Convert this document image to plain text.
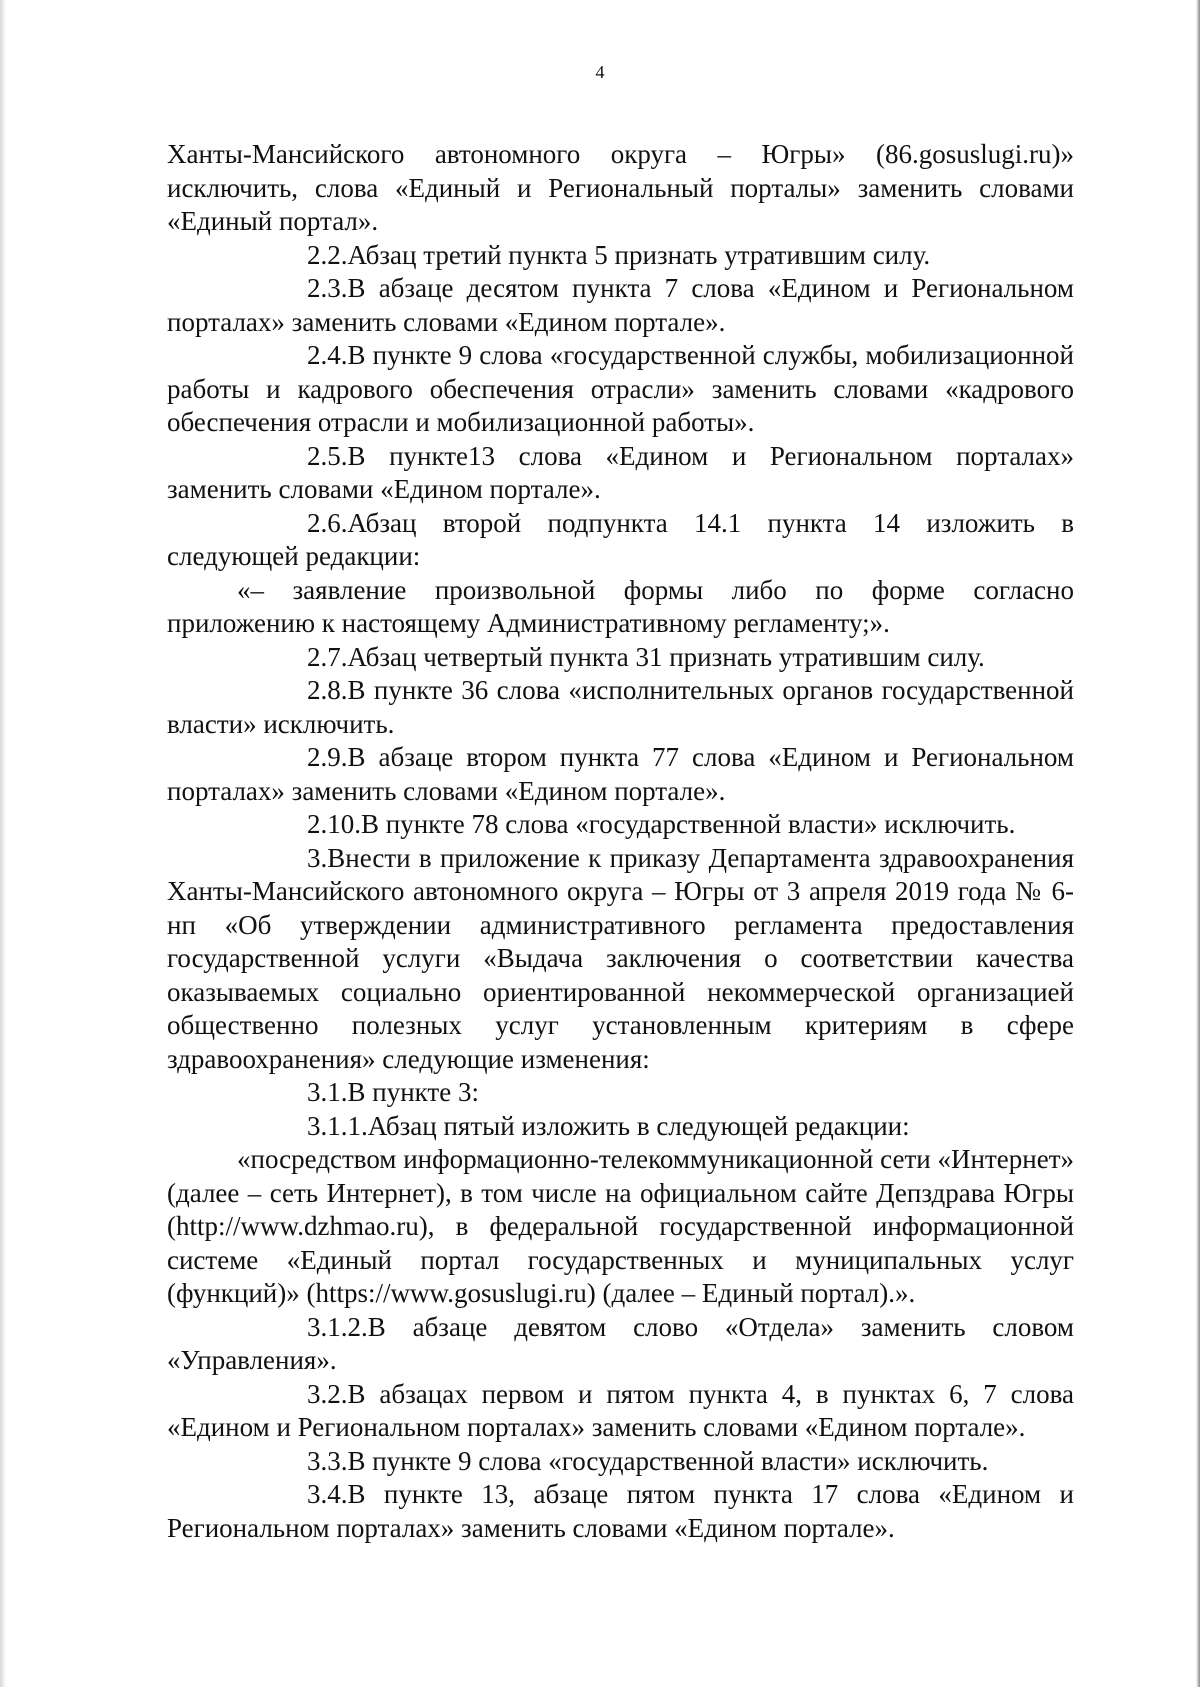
4

Ханты-Мансийского автономного округа – Югры» (86.gosuslugi.ru)» исключить, слова «Единый и Региональный порталы» заменить словами «Единый портал».

2.2.Абзац третий пункта 5 признать утратившим силу.

2.3.В абзаце десятом пункта 7 слова «Едином и Региональном порталах» заменить словами «Едином портале».

2.4.В пункте 9 слова «государственной службы, мобилизационной работы и кадрового обеспечения отрасли» заменить словами «кадрового обеспечения отрасли и мобилизационной работы».

2.5.В пункте13 слова «Едином и Региональном порталах» заменить словами «Едином портале».

2.6.Абзац второй подпункта 14.1 пункта 14 изложить в следующей редакции:

«– заявление произвольной формы либо по форме согласно приложению к настоящему Административному регламенту;».

2.7.Абзац четвертый пункта 31 признать утратившим силу.

2.8.В пункте 36 слова «исполнительных органов государственной власти» исключить.

2.9.В абзаце втором пункта 77 слова «Едином и Региональном порталах» заменить словами «Едином портале».

2.10.В пункте 78 слова «государственной власти» исключить.

3.Внести в приложение к приказу Департамента здравоохранения Ханты-Мансийского автономного округа – Югры от 3 апреля 2019 года № 6-нп «Об утверждении административного регламента предоставления государственной услуги «Выдача заключения о соответствии качества оказываемых социально ориентированной некоммерческой организацией общественно полезных услуг установленным критериям в сфере здравоохранения» следующие изменения:

3.1.В пункте 3:

3.1.1.Абзац пятый изложить в следующей редакции:

«посредством информационно-телекоммуникационной сети «Интернет» (далее – сеть Интернет), в том числе на официальном сайте Депздрава Югры (http://www.dzhmao.ru), в федеральной государственной информационной системе «Единый портал государственных и муниципальных услуг (функций)» (https://www.gosuslugi.ru) (далее – Единый портал).».

3.1.2.В абзаце девятом слово «Отдела» заменить словом «Управления».

3.2.В абзацах первом и пятом пункта 4, в пунктах 6, 7 слова «Едином и Региональном порталах» заменить словами «Едином портале».

3.3.В пункте 9 слова «государственной власти» исключить.

3.4.В пункте 13, абзаце пятом пункта 17 слова «Едином и Региональном порталах» заменить словами «Едином портале».
